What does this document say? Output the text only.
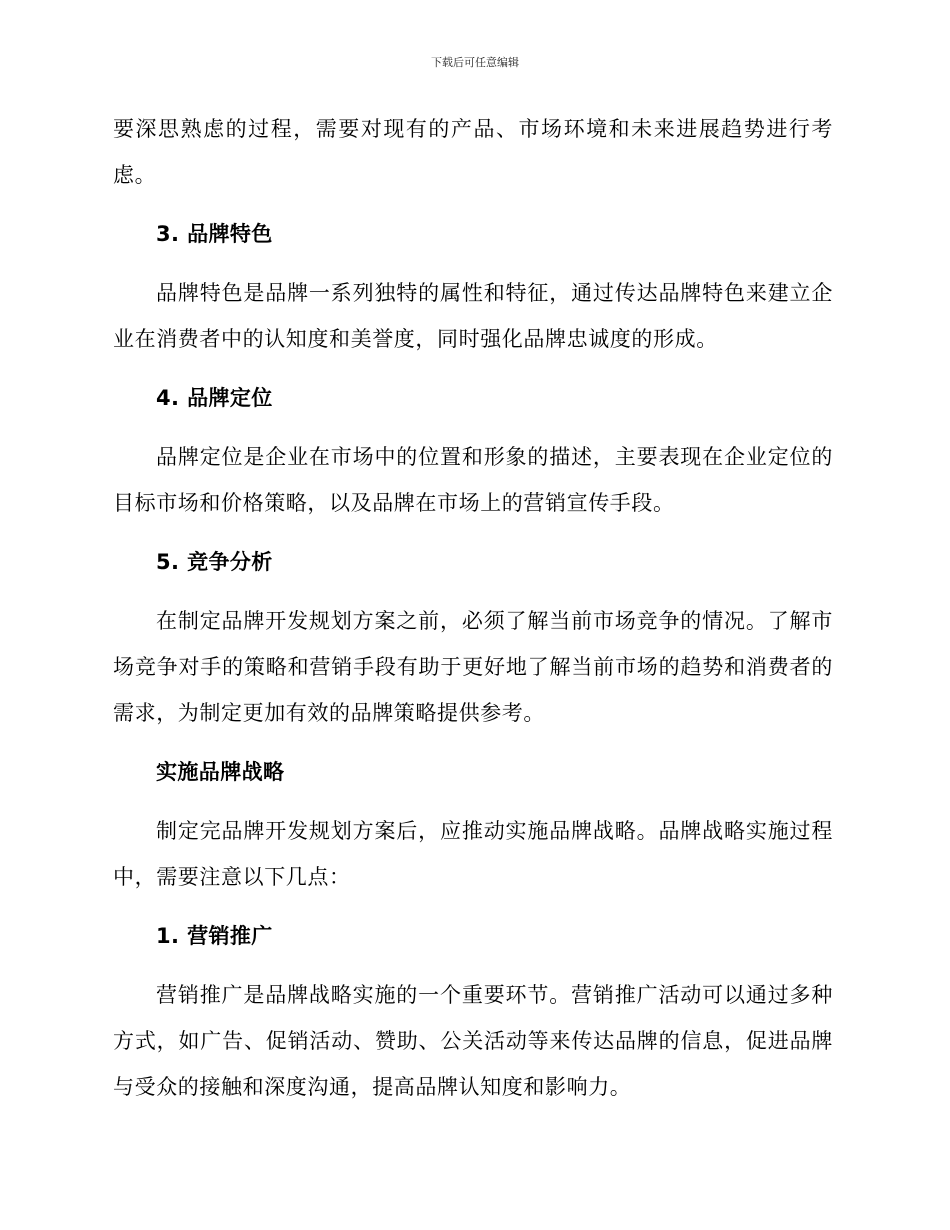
下载后可任意编辑

要深思熟虑的过程，需要对现有的产品、市场环境和未来进展趋势进行考虑。

3. 品牌特色

品牌特色是品牌一系列独特的属性和特征，通过传达品牌特色来建立企业在消费者中的认知度和美誉度，同时强化品牌忠诚度的形成。

4. 品牌定位

品牌定位是企业在市场中的位置和形象的描述，主要表现在企业定位的目标市场和价格策略，以及品牌在市场上的营销宣传手段。

5. 竞争分析

在制定品牌开发规划方案之前，必须了解当前市场竞争的情况。了解市场竞争对手的策略和营销手段有助于更好地了解当前市场的趋势和消费者的需求，为制定更加有效的品牌策略提供参考。

实施品牌战略

制定完品牌开发规划方案后，应推动实施品牌战略。品牌战略实施过程中，需要注意以下几点：

1. 营销推广

营销推广是品牌战略实施的一个重要环节。营销推广活动可以通过多种方式，如广告、促销活动、赞助、公关活动等来传达品牌的信息，促进品牌与受众的接触和深度沟通，提高品牌认知度和影响力。
